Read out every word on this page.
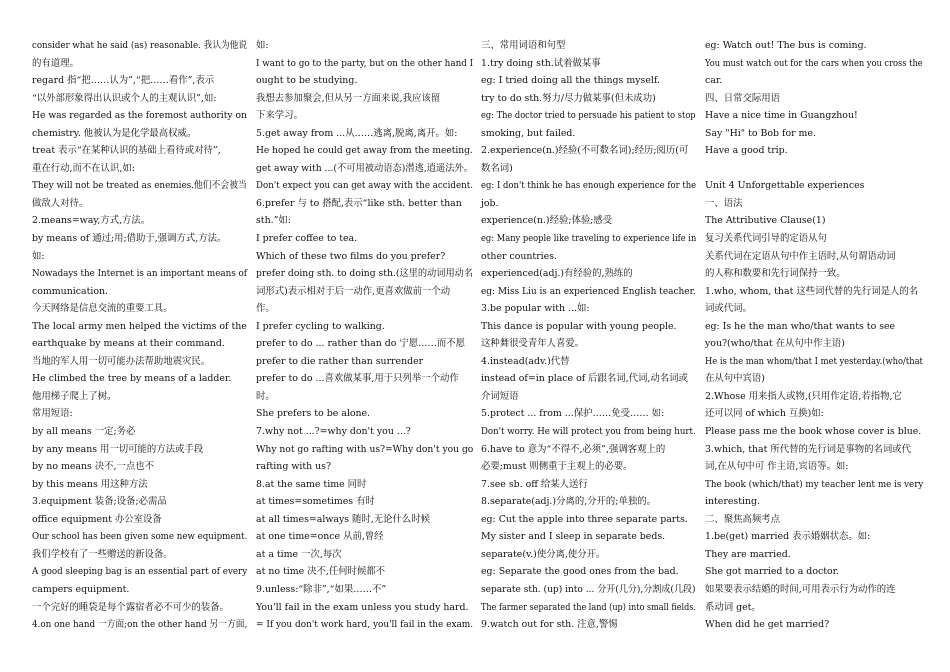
consider what he said (as) reasonable. 我认为他说
的有道理。
regard 指“把……认为”,“把……看作”,表示
“以外部形象得出认识或个人的主观认识”,如:
He was regarded as the foremost authority on
chemistry. 他被认为是化学最高权威。
treat 表示“在某种认识的基础上看待或对待”,
重在行动,而不在认识,如:
They will not be treated as enemies.他们不会被当
做敌人对待。
2.means=way,方式,方法。
by means of 通过;用;借助于,强调方式,方法。
如:
Nowadays the Internet is an important means of
communication.
今天网络是信息交流的重要工具。
The local army men helped the victims of the
earthquake by means at their command.
当地的军人用一切可能办法帮助地震灾民。
He climbed the tree by means of a ladder.
他用梯子爬上了树。
常用短语:
by all means 一定;务必
by any means 用一切可能的方法或手段
by no means 决不,一点也不
by this means 用这种方法
3.equipment 装备;设备;必需品
office equipment 办公室设备
Our school has been given some new equipment.
我们学校有了一些赠送的新设备。
A good sleeping bag is an essential part of every
campers equipment.
一个完好的睡袋是每个露宿者必不可少的装备。
4.on one hand 一方面;on the other hand 另一方面,
如:
I want to go to the party, but on the other hand I
ought to be studying.
我想去参加聚会,但从另一方面来说,我应该留
下来学习。
5.get away from ...从……逃离,脱离,离开。如:
He hoped he could get away from the meeting.
get away with ...(不可用被动语态)潜逃,逍遥法外。
Don't expect you can get away with the accident.
6.prefer 与 to 搭配,表示“like sth. better than
sth.”如:
I prefer coffee to tea.
Which of these two films do you prefer?
prefer doing sth. to doing sth.(这里的动词用动名
词形式)表示相对于后一动作,更喜欢做前一个动
作。
I prefer cycling to walking.
prefer to do ... rather than do 宁愿……而不愿
prefer to die rather than surrender
prefer to do ...喜欢做某事,用于只列举一个动作
时。
She prefers to be alone.
7.why not ...?=why don't you ...?
Why not go rafting with us?=Why don't you go
rafting with us?
8.at the same time 同时
at times=sometimes 有时
at all times=always 随时,无论什么时候
at one time=once 从前,曾经
at a time 一次,每次
at no time 决不,任何时候都不
9.unless:“除非”,“如果……不”
You'll fail in the exam unless you study hard.
= If you don't work hard, you'll fail in the exam.
三、常用词语和句型
1.try doing sth.试着做某事
eg: I tried doing all the things myself.
try to do sth.努力/尽力做某事(但未成功)
eg: The doctor tried to persuade his patient to stop
smoking, but failed.
2.experience(n.)经验(不可数名词);经历;阅历(可
数名词)
eg: I don't think he has enough experience for the
job.
experience(n.)经验;体验;感受
eg: Many people like traveling to experience life in
other countries.
experienced(adj.)有经验的,熟练的
eg: Miss Liu is an experienced English teacher.
3.be popular with ...如:
This dance is popular with young people.
这种舞很受青年人喜爱。
4.instead(adv.)代替
instead of=in place of 后跟名词,代词,动名词或
介词短语
5.protect ... from ...保护……免受…… 如:
Don't worry. He will protect you from being hurt.
6.have to 意为“不得不,必须”,强调客观上的
必要;must 则侧重于主观上的必要。
7.see sb. off 给某人送行
8.separate(adj.)分离的,分开的;单独的。
eg: Cut the apple into three separate parts.
My sister and I sleep in separate beds.
separate(v.)使分离,使分开。
eg: Separate the good ones from the bad.
separate sth. (up) into ... 分开(几分),分割成(几段)
The farmer separated the land (up) into small fields.
9.watch out for sth. 注意,警惕
eg: Watch out! The bus is coming.
You must watch out for the cars when you cross the
car.
四、日常交际用语
Have a nice time in Guangzhou!
Say "Hi" to Bob for me.
Have a good trip.
Unit 4 Unforgettable experiences
一、语法
The Attributive Clause(1)
复习关系代词引导的定语从句
关系代词在定语从句中作主语时,从句谓语动词
的人称和数要和先行词保持一致。
1.who, whom, that 这些词代替的先行词是人的名
词或代词。
eg: Is he the man who/that wants to see
you?(who/that 在从句中作主语)
He is the man whom/that I met yesterday.(who/that
在从句中宾语)
2.Whose 用来指人或物,(只用作定语,若指物,它
还可以同 of which 互换)如:
Please pass me the book whose cover is blue.
3.which, that 所代替的先行词是事物的名词或代
词,在从句中可 作主语,宾语等。如:
The book (which/that) my teacher lent me is very
interesting.
二、聚焦高频考点
1.be(get) married 表示婚姻状态。如:
They are married.
She got married to a doctor.
如果要表示结婚的时间,可用表示行为动作的连
系动词 get。
When did he get married?
